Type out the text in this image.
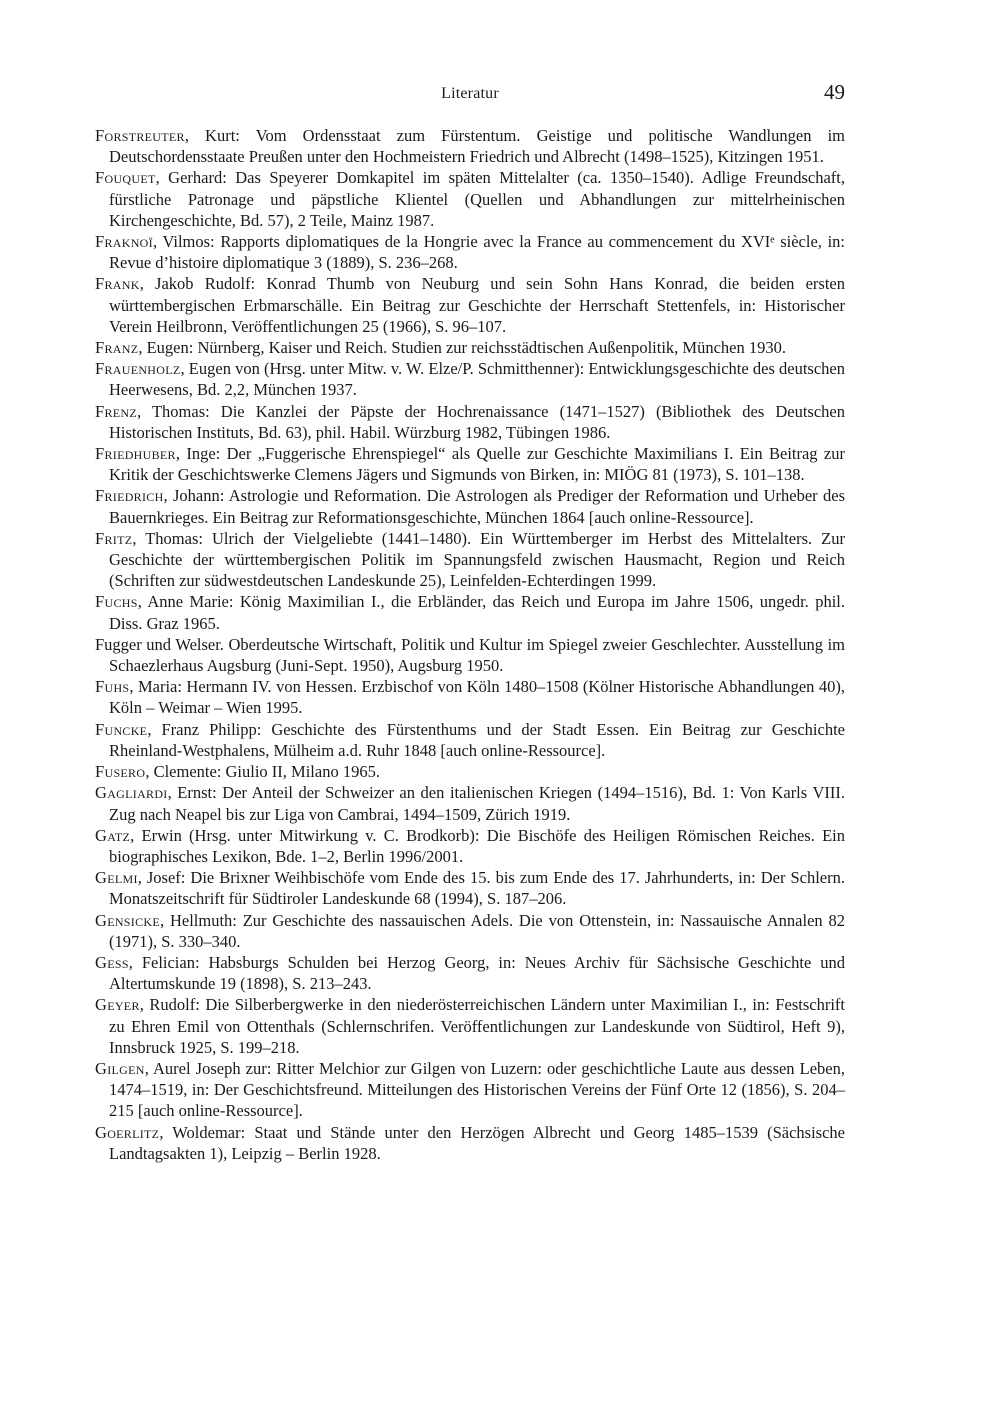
Literatur	49
Forstreuter, Kurt: Vom Ordensstaat zum Fürstentum. Geistige und politische Wandlungen im Deutschordensstaate Preußen unter den Hochmeistern Friedrich und Albrecht (1498–1525), Kitzingen 1951.
Fouquet, Gerhard: Das Speyerer Domkapitel im späten Mittelalter (ca. 1350–1540). Adlige Freundschaft, fürstliche Patronage und päpstliche Klientel (Quellen und Abhandlungen zur mittelrheinischen Kirchengeschichte, Bd. 57), 2 Teile, Mainz 1987.
Fraknoï, Vilmos: Rapports diplomatiques de la Hongrie avec la France au commencement du XVIᵉ siècle, in: Revue d’histoire diplomatique 3 (1889), S. 236–268.
Frank, Jakob Rudolf: Konrad Thumb von Neuburg und sein Sohn Hans Konrad, die beiden ersten württembergischen Erbmarschälle. Ein Beitrag zur Geschichte der Herrschaft Stettenfels, in: Historischer Verein Heilbronn, Veröffentlichungen 25 (1966), S. 96–107.
Franz, Eugen: Nürnberg, Kaiser und Reich. Studien zur reichsstädtischen Außenpolitik, München 1930.
Frauenholz, Eugen von (Hrsg. unter Mitw. v. W. Elze/P. Schmitthenner): Entwicklungsgeschichte des deutschen Heerwesens, Bd. 2,2, München 1937.
Frenz, Thomas: Die Kanzlei der Päpste der Hochrenaissance (1471–1527) (Bibliothek des Deutschen Historischen Instituts, Bd. 63), phil. Habil. Würzburg 1982, Tübingen 1986.
Friedhuber, Inge: Der „Fuggerische Ehrenspiegel“ als Quelle zur Geschichte Maximilians I. Ein Beitrag zur Kritik der Geschichtswerke Clemens Jägers und Sigmunds von Birken, in: MIÖG 81 (1973), S. 101–138.
Friedrich, Johann: Astrologie und Reformation. Die Astrologen als Prediger der Reformation und Urheber des Bauernkrieges. Ein Beitrag zur Reformationsgeschichte, München 1864 [auch online-Ressource].
Fritz, Thomas: Ulrich der Vielgeliebte (1441–1480). Ein Württemberger im Herbst des Mittelalters. Zur Geschichte der württembergischen Politik im Spannungsfeld zwischen Hausmacht, Region und Reich (Schriften zur südwestdeutschen Landeskunde 25), Leinfelden-Echterdingen 1999.
Fuchs, Anne Marie: König Maximilian I., die Erbländer, das Reich und Europa im Jahre 1506, ungedr. phil. Diss. Graz 1965.
Fugger und Welser. Oberdeutsche Wirtschaft, Politik und Kultur im Spiegel zweier Geschlechter. Ausstellung im Schaezlerhaus Augsburg (Juni-Sept. 1950), Augsburg 1950.
Fuhs, Maria: Hermann IV. von Hessen. Erzbischof von Köln 1480–1508 (Kölner Historische Abhandlungen 40), Köln – Weimar – Wien 1995.
Funcke, Franz Philipp: Geschichte des Fürstenthums und der Stadt Essen. Ein Beitrag zur Geschichte Rheinland-Westphalens, Mülheim a.d. Ruhr 1848 [auch online-Ressource].
Fusero, Clemente: Giulio II, Milano 1965.
Gagliardi, Ernst: Der Anteil der Schweizer an den italienischen Kriegen (1494–1516), Bd. 1: Von Karls VIII. Zug nach Neapel bis zur Liga von Cambrai, 1494–1509, Zürich 1919.
Gatz, Erwin (Hrsg. unter Mitwirkung v. C. Brodkorb): Die Bischöfe des Heiligen Römischen Reiches. Ein biographisches Lexikon, Bde. 1–2, Berlin 1996/2001.
Gelmi, Josef: Die Brixner Weihbischöfe vom Ende des 15. bis zum Ende des 17. Jahrhunderts, in: Der Schlern. Monatszeitschrift für Südtiroler Landeskunde 68 (1994), S. 187–206.
Gensicke, Hellmuth: Zur Geschichte des nassauischen Adels. Die von Ottenstein, in: Nassauische Annalen 82 (1971), S. 330–340.
Gess, Felician: Habsburgs Schulden bei Herzog Georg, in: Neues Archiv für Sächsische Geschichte und Altertumskunde 19 (1898), S. 213–243.
Geyer, Rudolf: Die Silberbergwerke in den niederösterreichischen Ländern unter Maximilian I., in: Festschrift zu Ehren Emil von Ottenthals (Schlernschrifen. Veröffentlichungen zur Landeskunde von Südtirol, Heft 9), Innsbruck 1925, S. 199–218.
Gilgen, Aurel Joseph zur: Ritter Melchior zur Gilgen von Luzern: oder geschichtliche Laute aus dessen Leben, 1474–1519, in: Der Geschichtsfreund. Mitteilungen des Historischen Vereins der Fünf Orte 12 (1856), S. 204–215 [auch online-Ressource].
Goerlitz, Woldemar: Staat und Stände unter den Herzögen Albrecht und Georg 1485–1539 (Sächsische Landtagsakten 1), Leipzig – Berlin 1928.
